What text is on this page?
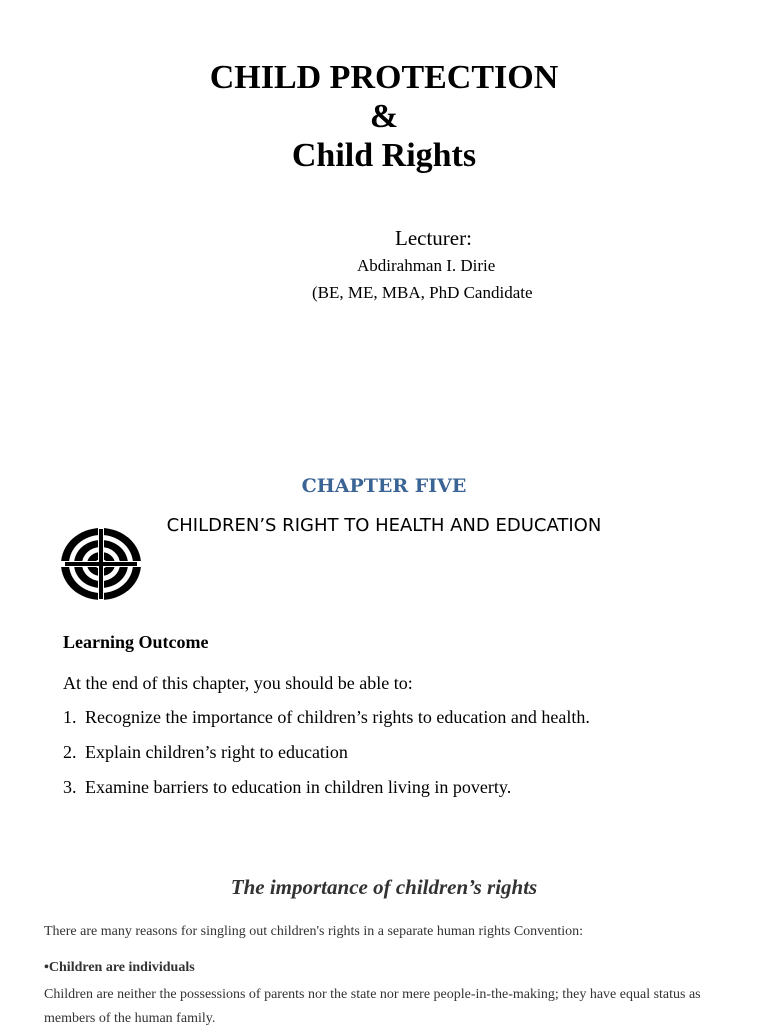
CHILD PROTECTION
&
Child Rights
Lecturer:
Abdirahman I. Dirie
(BE, ME, MBA, PhD Candidate
CHAPTER FIVE
CHILDREN’S RIGHT TO HEALTH AND EDUCATION
Learning Outcome
At the end of this chapter, you should be able to:
1. Recognize the importance of children’s rights to education and health.
2. Explain children’s right to education
3. Examine barriers to education in children living in poverty.
The importance of children’s rights
There are many reasons for singling out children's rights in a separate human rights Convention:
•Children are individuals
Children are neither the possessions of parents nor the state nor mere people-in-the-making; they have equal status as members of the human family.
